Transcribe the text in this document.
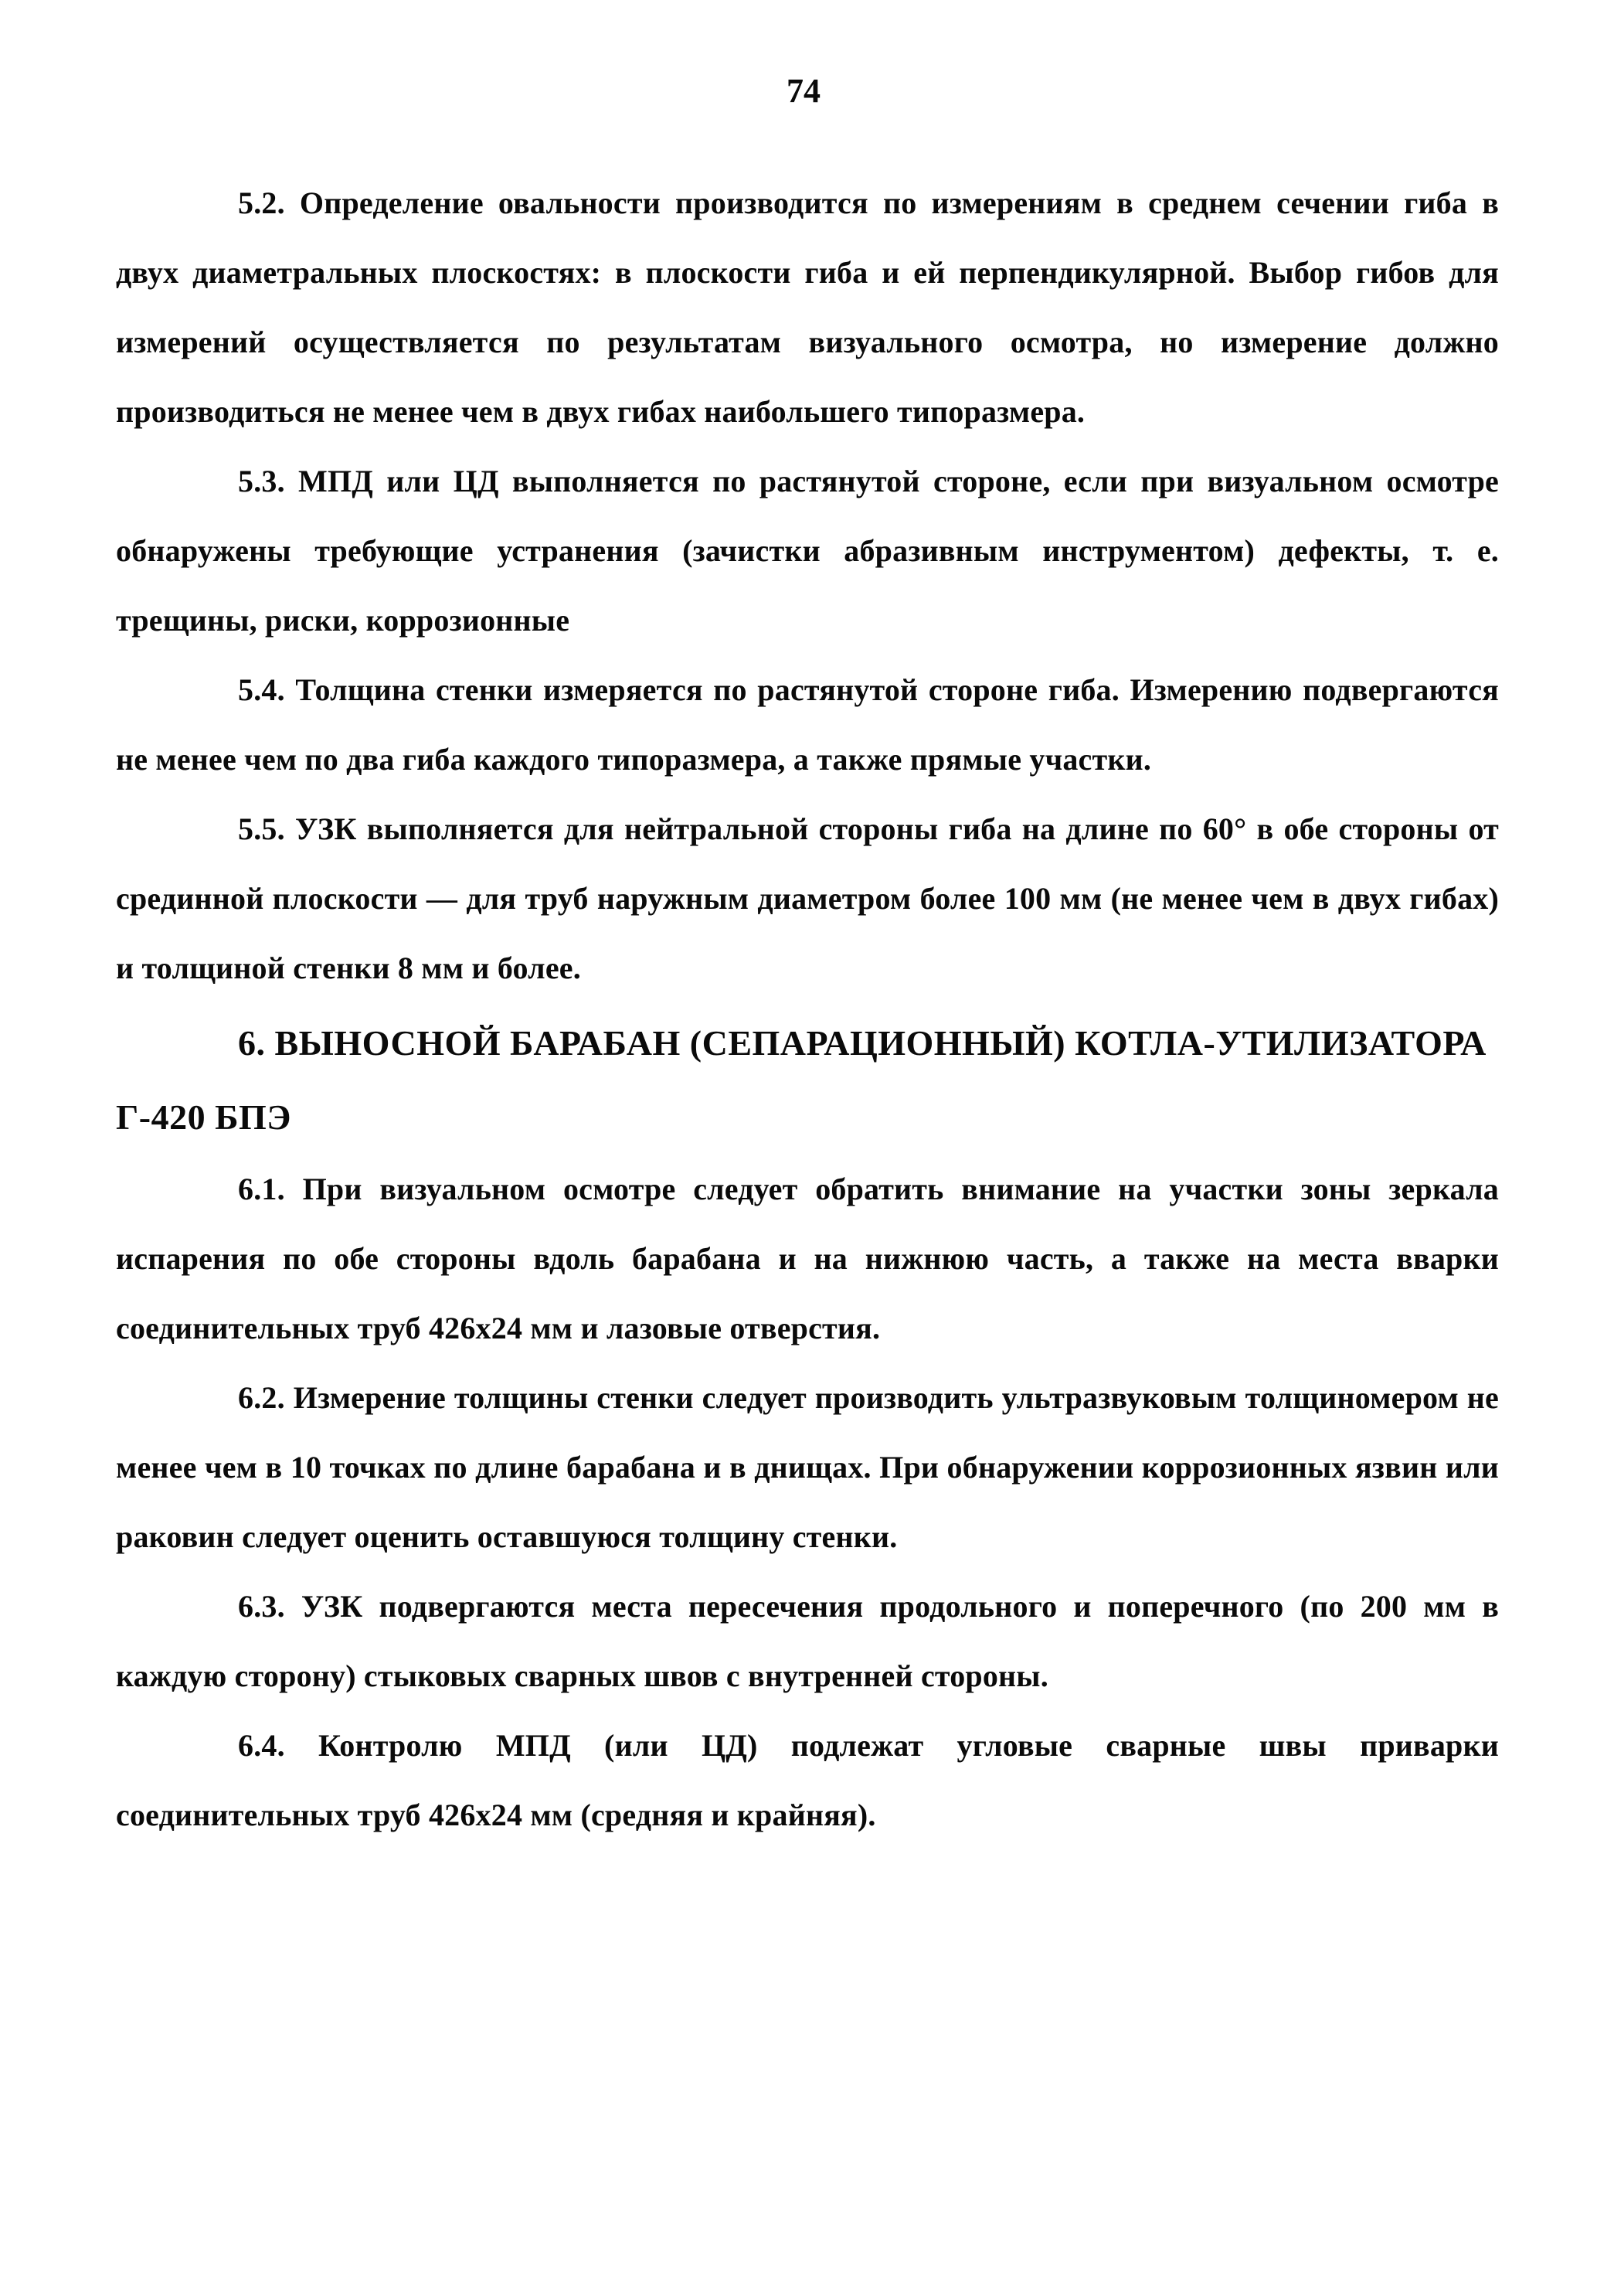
74

5.2. Определение овальности производится по измерениям в среднем сечении гиба в двух диаметральных плоскостях: в плоскости гиба и ей перпендикулярной. Выбор гибов для измерений осуществляется по результатам визуального осмотра, но измерение должно производиться не менее чем в двух гибах наибольшего типоразмера.

5.3. МПД или ЦД выполняется по растянутой стороне, если при визуальном осмотре обнаружены требующие устранения (зачистки абразивным инструментом) дефекты, т. е. трещины, риски, коррозионные

5.4. Толщина стенки измеряется по растянутой стороне гиба. Измерению подвергаются не менее чем по два гиба каждого типоразмера, а также прямые участки.

5.5. УЗК выполняется для нейтральной стороны гиба на длине по 60° в обе стороны от срединной плоскости — для труб наружным диаметром более 100 мм (не менее чем в двух гибах) и толщиной стенки 8 мм и более.

6. ВЫНОСНОЙ БАРАБАН (СЕПАРАЦИОННЫЙ) КОТЛА-УТИЛИЗАТОРА Г-420 БПЭ

6.1. При визуальном осмотре следует обратить внимание на участки зоны зеркала испарения по обе стороны вдоль барабана и на нижнюю часть, а также на места вварки соединительных труб 426х24 мм и лазовые отверстия.

6.2. Измерение толщины стенки следует производить ультразвуковым толщиномером не менее чем в 10 точках по длине барабана и в днищах. При обнаружении коррозионных язвин или раковин следует оценить оставшуюся толщину стенки.

6.3. УЗК подвергаются места пересечения продольного и поперечного (по 200 мм в каждую сторону) стыковых сварных швов с внутренней стороны.

6.4. Контролю МПД (или ЦД) подлежат угловые сварные швы приварки соединительных труб 426х24 мм (средняя и крайняя).
